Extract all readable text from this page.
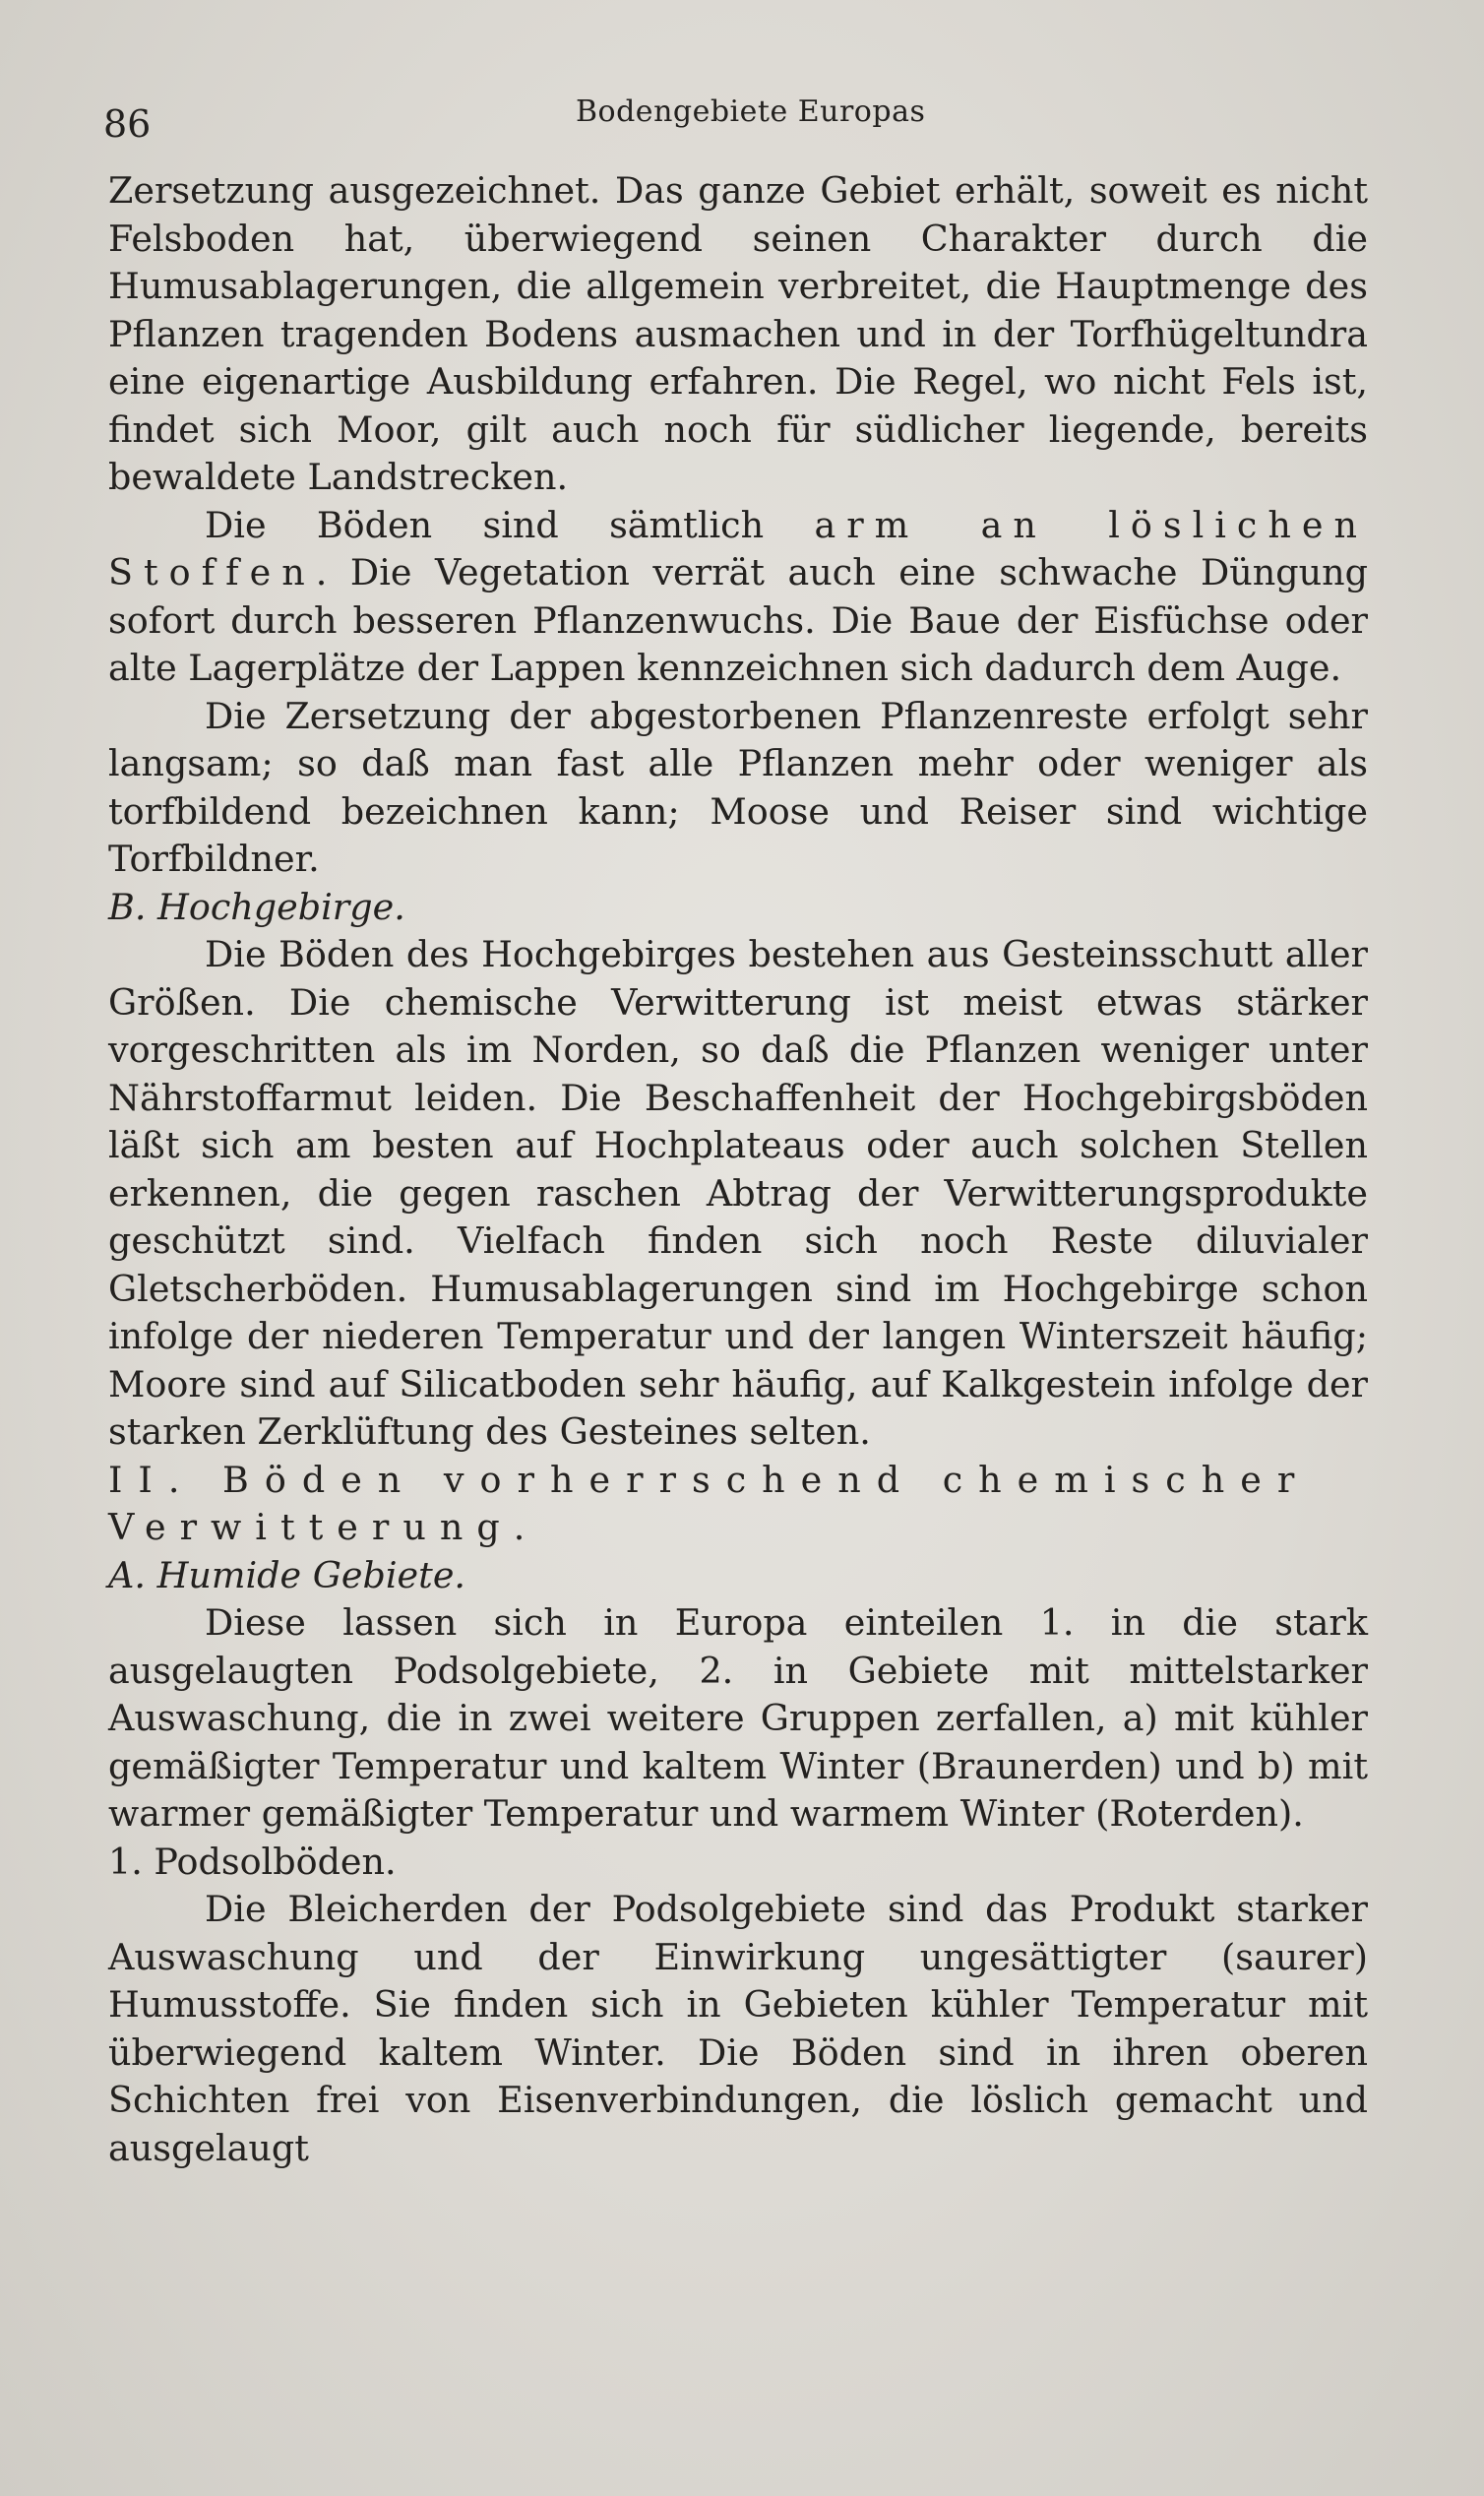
86	Bodengebiete Europas

Zersetzung ausgezeichnet. Das ganze Gebiet erhält, soweit es nicht Felsboden hat, überwiegend seinen Charakter durch die Humusablagerungen, die allgemein verbreitet, die Hauptmenge des Pflanzen tragenden Bodens ausmachen und in der Torfhügeltundra eine eigenartige Ausbildung erfahren. Die Regel, wo nicht Fels ist, findet sich Moor, gilt auch noch für südlicher liegende, bereits bewaldete Landstrecken.

Die Böden sind sämtlich arm an löslichen Stoffen. Die Vegetation verrät auch eine schwache Düngung sofort durch besseren Pflanzenwuchs. Die Baue der Eisfüchse oder alte Lagerplätze der Lappen kennzeichnen sich dadurch dem Auge.

Die Zersetzung der abgestorbenen Pflanzenreste erfolgt sehr langsam; so daß man fast alle Pflanzen mehr oder weniger als torfbildend bezeichnen kann; Moose und Reiser sind wichtige Torfbildner.

B. Hochgebirge.

Die Böden des Hochgebirges bestehen aus Gesteinsschutt aller Größen. Die chemische Verwitterung ist meist etwas stärker vorgeschritten als im Norden, so daß die Pflanzen weniger unter Nährstoffarmut leiden. Die Beschaffenheit der Hochgebirgsböden läßt sich am besten auf Hochplateaus oder auch solchen Stellen erkennen, die gegen raschen Abtrag der Verwitterungsprodukte geschützt sind. Vielfach finden sich noch Reste diluvialer Gletscherböden. Humusablagerungen sind im Hochgebirge schon infolge der niederen Temperatur und der langen Winterszeit häufig; Moore sind auf Silicatboden sehr häufig, auf Kalkgestein infolge der starken Zerklüftung des Gesteines selten.

II. Böden vorherrschend chemischer

Verwitterung.

A. Humide Gebiete.

Diese lassen sich in Europa einteilen 1. in die stark ausgelaugten Podsolgebiete, 2. in Gebiete mit mittelstarker Auswaschung, die in zwei weitere Gruppen zerfallen, a) mit kühler gemäßigter Temperatur und kaltem Winter (Braunerden) und b) mit warmer gemäßigter Temperatur und warmem Winter (Roterden).

1. Podsolböden.

Die Bleicherden der Podsolgebiete sind das Produkt starker Auswaschung und der Einwirkung ungesättigter (saurer) Humusstoffe. Sie finden sich in Gebieten kühler Temperatur mit überwiegend kaltem Winter. Die Böden sind in ihren oberen Schichten frei von Eisenverbindungen, die löslich gemacht und ausgelaugt
